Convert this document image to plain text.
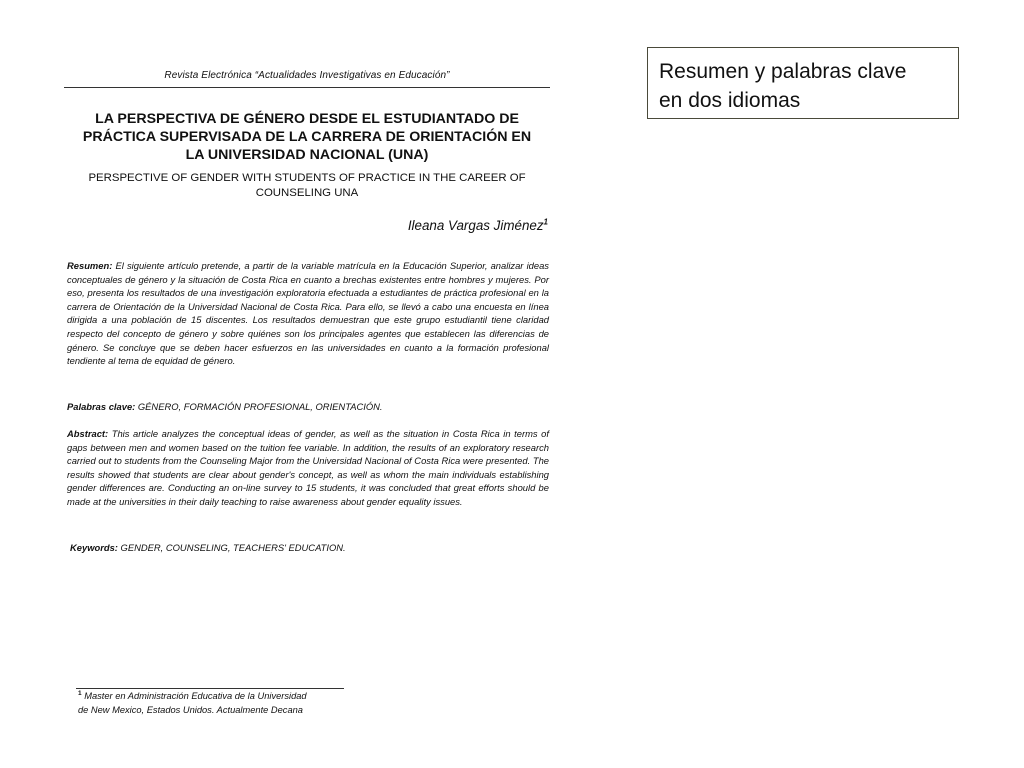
Revista Electrónica “Actualidades Investigativas en Educación”
LA PERSPECTIVA DE GÉNERO DESDE EL ESTUDIANTADO DE
PRÁCTICA SUPERVISADA DE LA CARRERA DE ORIENTACIÓN EN
LA UNIVERSIDAD NACIONAL (UNA)
PERSPECTIVE OF GENDER WITH STUDENTS OF PRACTICE IN THE CAREER OF
COUNSELING UNA
Ileana Vargas Jiménez$^1$
Resumen: El siguiente artículo pretende, a partir de la variable matrícula en la Educación Superior, analizar ideas conceptuales de género y la situación de Costa Rica en cuanto a brechas existentes entre hombres y mujeres. Por eso, presenta los resultados de una investigación exploratoria efectuada a estudiantes de práctica profesional en la carrera de Orientación de la Universidad Nacional de Costa Rica. Para ello, se llevó a cabo una encuesta en línea dirigida a una población de 15 discentes. Los resultados demuestran que este grupo estudiantil tiene claridad respecto del concepto de género y sobre quiénes son los principales agentes que establecen las diferencias de género. Se concluye que se deben hacer esfuerzos en las universidades en cuanto a la formación profesional tendiente al tema de equidad de género.
Palabras clave: GÉNERO, FORMACIÓN PROFESIONAL, ORIENTACIÓN.
Abstract: This article analyzes the conceptual ideas of gender, as well as the situation in Costa Rica in terms of gaps between men and women based on the tuition fee variable. In addition, the results of an exploratory research carried out to students from the Counseling Major from the Universidad Nacional of Costa Rica were presented. The results showed that students are clear about gender's concept, as well as whom the main individuals establishing gender differences are. Conducting an on-line survey to 15 students, it was concluded that great efforts should be made at the universities in their daily teaching to raise awareness about gender equality issues.
Keywords: GENDER, COUNSELING, TEACHERS' EDUCATION.
$^1$ Master en Administración Educativa de la Universidad
de New Mexico, Estados Unidos. Actualmente Decana
Resumen y palabras clave
en dos idiomas
